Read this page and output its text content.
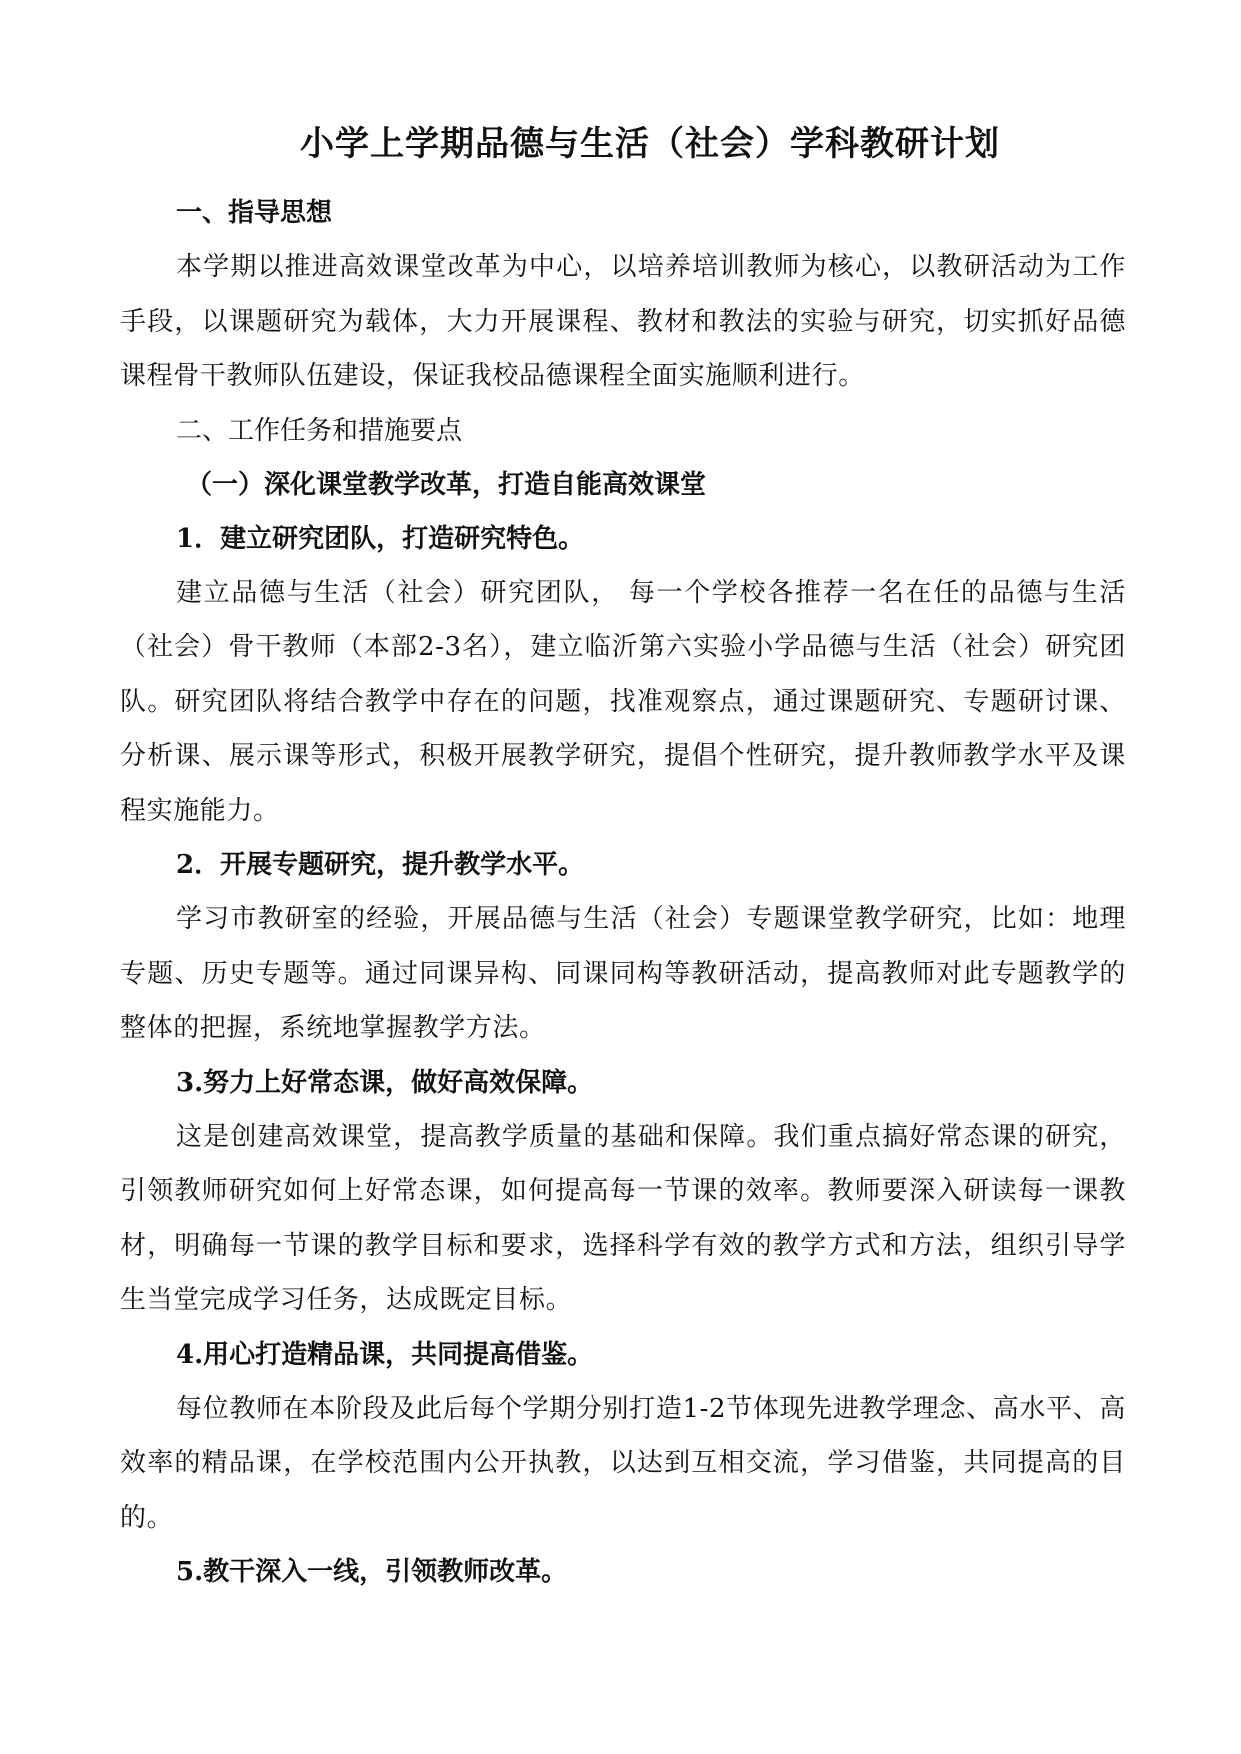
小学上学期品德与生活（社会）学科教研计划

一、指导思想

本学期以推进高效课堂改革为中心，以培养培训教师为核心，以教研活动为工作手段，以课题研究为载体，大力开展课程、教材和教法的实验与研究，切实抓好品德课程骨干教师队伍建设，保证我校品德课程全面实施顺利进行。

二、工作任务和措施要点

（一）深化课堂教学改革，打造自能高效课堂

1．建立研究团队，打造研究特色。

建立品德与生活（社会）研究团队， 每一个学校各推荐一名在任的品德与生活（社会）骨干教师（本部2-3名），建立临沂第六实验小学品德与生活（社会）研究团队。研究团队将结合教学中存在的问题，找准观察点，通过课题研究、专题研讨课、分析课、展示课等形式，积极开展教学研究，提倡个性研究，提升教师教学水平及课程实施能力。

2．开展专题研究，提升教学水平。

学习市教研室的经验，开展品德与生活（社会）专题课堂教学研究，比如：地理专题、历史专题等。通过同课异构、同课同构等教研活动，提高教师对此专题教学的整体的把握，系统地掌握教学方法。

3.努力上好常态课，做好高效保障。

这是创建高效课堂，提高教学质量的基础和保障。我们重点搞好常态课的研究，引领教师研究如何上好常态课，如何提高每一节课的效率。教师要深入研读每一课教材，明确每一节课的教学目标和要求，选择科学有效的教学方式和方法，组织引导学生当堂完成学习任务，达成既定目标。

4.用心打造精品课，共同提高借鉴。

每位教师在本阶段及此后每个学期分别打造1-2节体现先进教学理念、高水平、高效率的精品课，在学校范围内公开执教，以达到互相交流，学习借鉴，共同提高的目的。

5.教干深入一线，引领教师改革。
